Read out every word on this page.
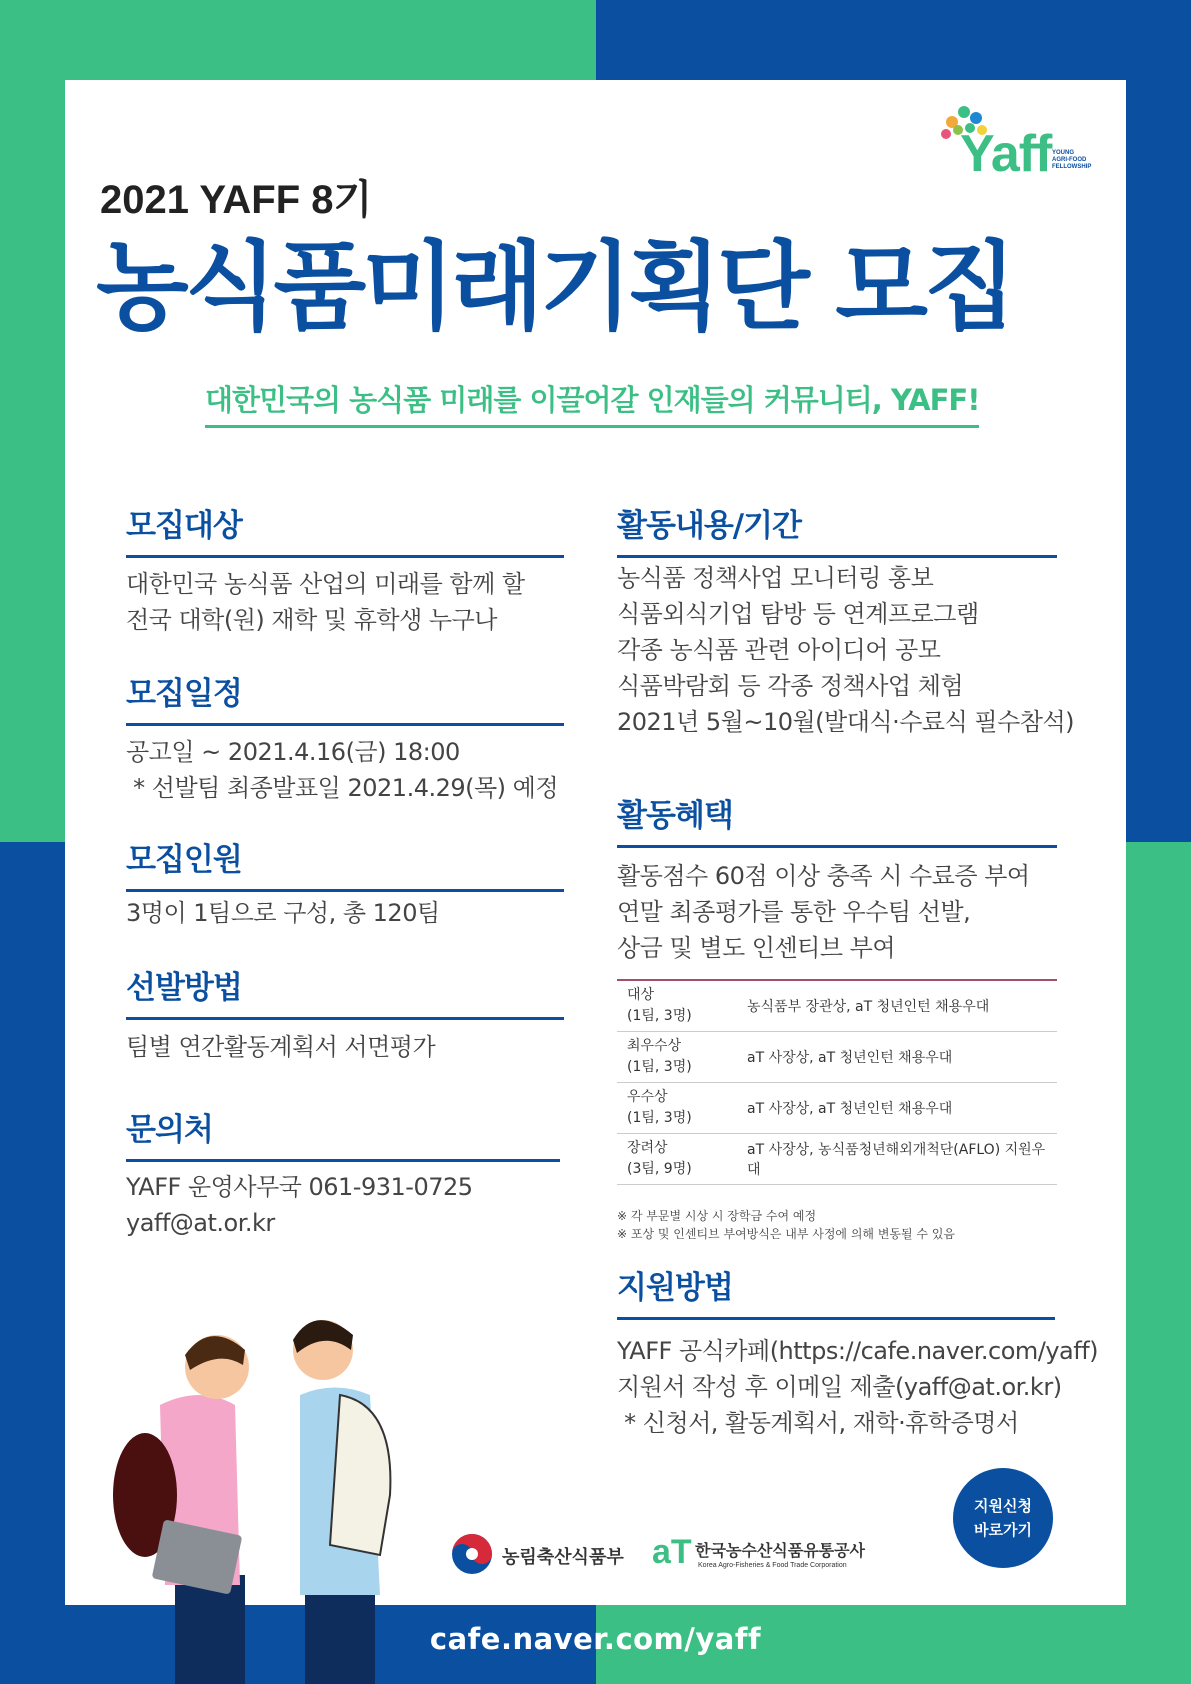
Yaff YOUNG
AGRI-FOOD
FELLOWSHIP
2021 YAFF 8기
농식품미래기획단 모집
대한민국의 농식품 미래를 이끌어갈 인재들의 커뮤니티, YAFF!
모집대상
대한민국 농식품 산업의 미래를 함께 할
전국 대학(원) 재학 및 휴학생 누구나
모집일정
공고일 ~ 2021.4.16(금) 18:00
* 선발팀 최종발표일 2021.4.29(목) 예정
모집인원
3명이 1팀으로 구성, 총 120팀
선발방법
팀별 연간활동계획서 서면평가
문의처
YAFF 운영사무국 061-931-0725
yaff@at.or.kr
활동내용/기간
농식품 정책사업 모니터링 홍보
식품외식기업 탐방 등 연계프로그램
각종 농식품 관련 아이디어 공모
식품박람회 등 각종 정책사업 체험
2021년 5월~10월(발대식·수료식 필수참석)
활동혜택
활동점수 60점 이상 충족 시 수료증 부여
연말 최종평가를 통한 우수팀 선발,
상금 및 별도 인센티브 부여
대상
(1팀, 3명)	농식품부 장관상, aT 청년인턴 채용우대

최우수상
(1팀, 3명)	aT 사장상, aT 청년인턴 채용우대

우수상
(1팀, 3명)	aT 사장상, aT 청년인턴 채용우대

장려상
(3팀, 9명)	aT 사장상, 농식품청년해외개척단(AFLO) 지원우대
※ 각 부문별 시상 시 장학금 수여 예정
※ 포상 및 인센티브 부여방식은 내부 사정에 의해 변동될 수 있음
지원방법
YAFF 공식카페(https://cafe.naver.com/yaff)
지원서 작성 후 이메일 제출(yaff@at.or.kr)
* 신청서, 활동계획서, 재학·휴학증명서
지원신청
바로가기
농림축산식품부 aT 한국농수산식품유통공사
Korea Agro-Fisheries & Food Trade Corporation
cafe.naver.com/yaff
